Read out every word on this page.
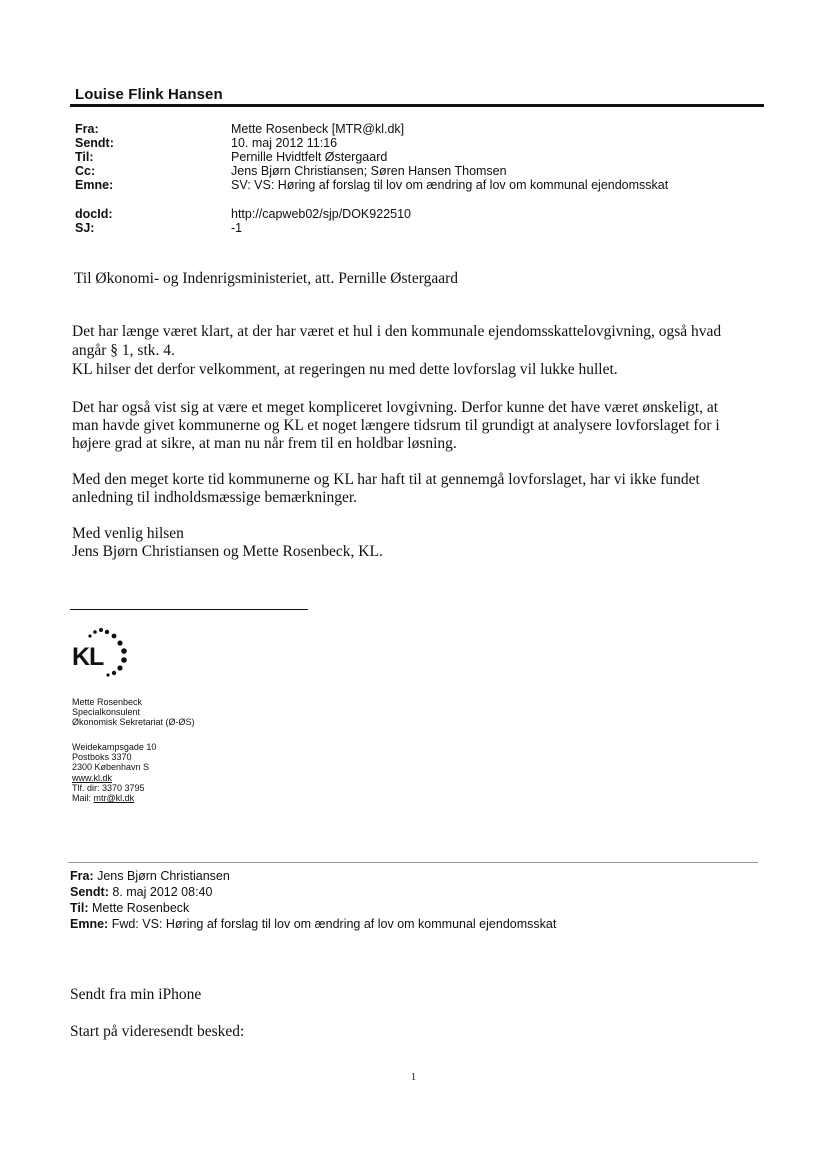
Louise Flink Hansen
Fra:	Mette Rosenbeck [MTR@kl.dk]
Sendt:	10. maj 2012 11:16
Til:	Pernille Hvidtfelt Østergaard
Cc:	Jens Bjørn Christiansen; Søren Hansen Thomsen
Emne:	SV: VS: Høring af forslag til lov om ændring af lov om kommunal ejendomsskat
docId:	http://capweb02/sjp/DOK922510
SJ:	-1
Til Økonomi- og Indenrigsministeriet, att. Pernille Østergaard
Det har længe været klart, at der har været et hul i den kommunale ejendomsskattelovgivning, også hvad
angår § 1, stk. 4.
KL hilser det derfor velkomment, at regeringen nu med dette lovforslag vil lukke hullet.
Det har også vist sig at være et meget kompliceret lovgivning. Derfor kunne det have været ønskeligt, at
man havde givet kommunerne og KL et noget længere tidsrum til grundigt at analysere lovforslaget for i
højere grad at sikre, at man nu når frem til en holdbar løsning.
Med den meget korte tid kommunerne og KL har haft til at gennemgå lovforslaget, har vi ikke fundet
anledning til indholdsmæssige bemærkninger.
Med venlig hilsen
Jens Bjørn Christiansen og Mette Rosenbeck, KL.
KL
Mette Rosenbeck
Specialkonsulent
Økonomisk Sekretariat (Ø-ØS)
Weidekampsgade 10
Postboks 3370
2300 København S
www.kl.dk
Tlf. dir: 3370 3795
Mail: mtr@kl.dk
Fra: Jens Bjørn Christiansen
Sendt: 8. maj 2012 08:40
Til: Mette Rosenbeck
Emne: Fwd: VS: Høring af forslag til lov om ændring af lov om kommunal ejendomsskat
Sendt fra min iPhone
Start på videresendt besked:
1
